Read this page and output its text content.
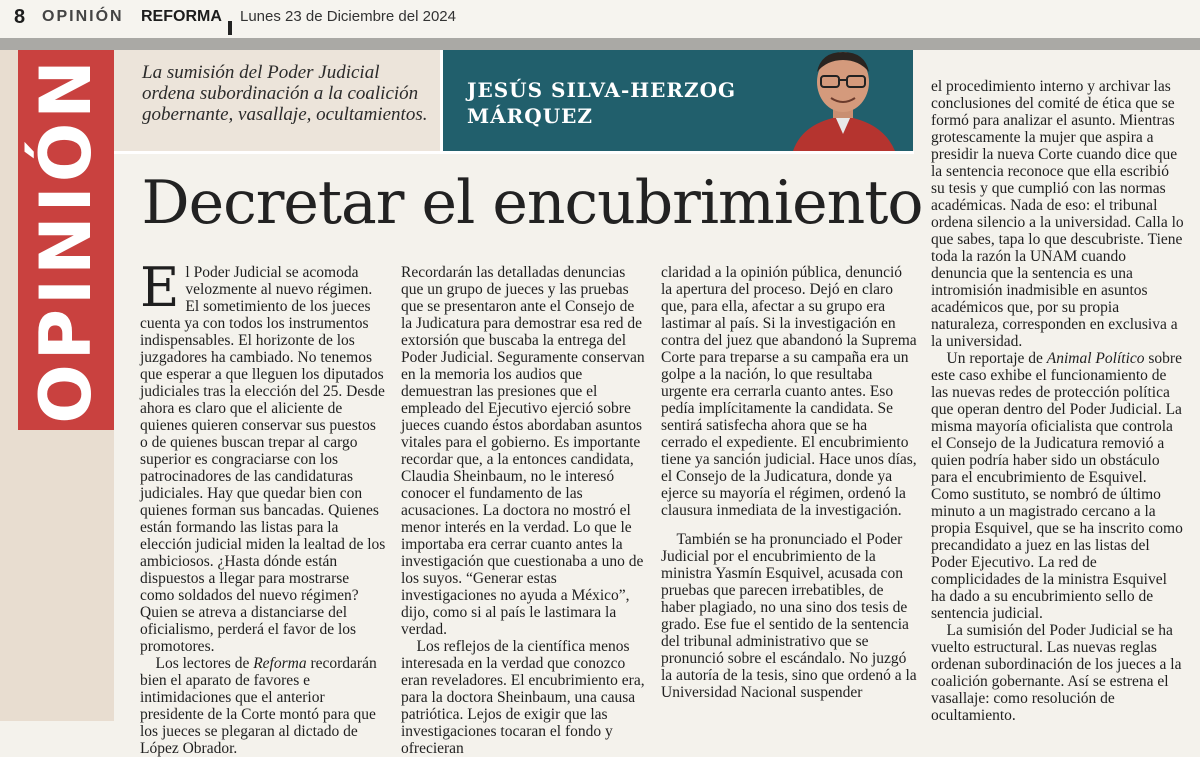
8 OPINIÓN REFORMA Lunes 23 de Diciembre del 2024
OPINIÓN La sumisión del Poder Judicial ordena subordinación a la coalición gobernante, vasallaje, ocultamientos.

JESÚS SILVA-HERZOG
MÁRQUEZ
Decretar el encubrimiento

El Poder Judicial se acomoda velozmente al nuevo régimen. El sometimiento de los jueces cuenta ya con todos los instrumentos indispensables. El horizonte de los juzgadores ha cambiado. No tenemos que esperar a que lleguen los diputados judiciales tras la elección del 25. Desde ahora es claro que el aliciente de quienes quieren conservar sus puestos o de quienes buscan trepar al cargo superior es congraciarse con los patrocinadores de las candidaturas judiciales. Hay que quedar bien con quienes forman sus bancadas. Quienes están formando las listas para la elección judicial miden la lealtad de los ambiciosos. ¿Hasta dónde están dispuestos a llegar para mostrarse como soldados del nuevo régimen? Quien se atreva a distanciarse del oficialismo, perderá el favor de los promotores.

Los lectores de Reforma recordarán bien el aparato de favores e intimidaciones que el anterior presidente de la Corte montó para que los jueces se plegaran al dictado de López Obrador.

Recordarán las detalladas denuncias que un grupo de jueces y las pruebas que se presentaron ante el Consejo de la Judicatura para demostrar esa red de extorsión que buscaba la entrega del Poder Judicial. Seguramente conservan en la memoria los audios que demuestran las presiones que el empleado del Ejecutivo ejerció sobre jueces cuando éstos abordaban asuntos vitales para el gobierno. Es importante recordar que, a la entonces candidata, Claudia Sheinbaum, no le interesó conocer el fundamento de las acusaciones. La doctora no mostró el menor interés en la verdad. Lo que le importaba era cerrar cuanto antes la investigación que cuestionaba a uno de los suyos. “Generar estas investigaciones no ayuda a México”, dijo, como si al país le lastimara la verdad.

Los reflejos de la científica menos interesada en la verdad que conozco eran reveladores. El encubrimiento era, para la doctora Sheinbaum, una causa patriótica. Lejos de exigir que las investigaciones tocaran el fondo y ofrecieran

claridad a la opinión pública, denunció la apertura del proceso. Dejó en claro que, para ella, afectar a su grupo era lastimar al país. Si la investigación en contra del juez que abandonó la Suprema Corte para treparse a su campaña era un golpe a la nación, lo que resultaba urgente era cerrarla cuanto antes. Eso pedía implícitamente la candidata. Se sentirá satisfecha ahora que se ha cerrado el expediente. El encubrimiento tiene ya sanción judicial. Hace unos días, el Consejo de la Judicatura, donde ya ejerce su mayoría el régimen, ordenó la clausura inmediata de la investigación.

También se ha pronunciado el Poder Judicial por el encubrimiento de la ministra Yasmín Esquivel, acusada con pruebas que parecen irrebatibles, de haber plagiado, no una sino dos tesis de grado. Ese fue el sentido de la sentencia del tribunal administrativo que se pronunció sobre el escándalo. No juzgó la autoría de la tesis, sino que ordenó a la Universidad Nacional suspender

el procedimiento interno y archivar las conclusiones del comité de ética que se formó para analizar el asunto. Mientras grotescamente la mujer que aspira a presidir la nueva Corte cuando dice que la sentencia reconoce que ella escribió su tesis y que cumplió con las normas académicas. Nada de eso: el tribunal ordena silencio a la universidad. Calla lo que sabes, tapa lo que descubriste. Tiene toda la razón la UNAM cuando denuncia que la sentencia es una intromisión inadmisible en asuntos académicos que, por su propia naturaleza, corresponden en exclusiva a la universidad.

Un reportaje de Animal Político sobre este caso exhibe el funcionamiento de las nuevas redes de protección política que operan dentro del Poder Judicial. La misma mayoría oficialista que controla el Consejo de la Judicatura removió a quien podría haber sido un obstáculo para el encubrimiento de Esquivel. Como sustituto, se nombró de último minuto a un magistrado cercano a la propia Esquivel, que se ha inscrito como precandidato a juez en las listas del Poder Ejecutivo. La red de complicidades de la ministra Esquivel ha dado a su encubrimiento sello de sentencia judicial.

La sumisión del Poder Judicial se ha vuelto estructural. Las nuevas reglas ordenan subordinación de los jueces a la coalición gobernante. Así se estrena el vasallaje: como resolución de ocultamiento.
